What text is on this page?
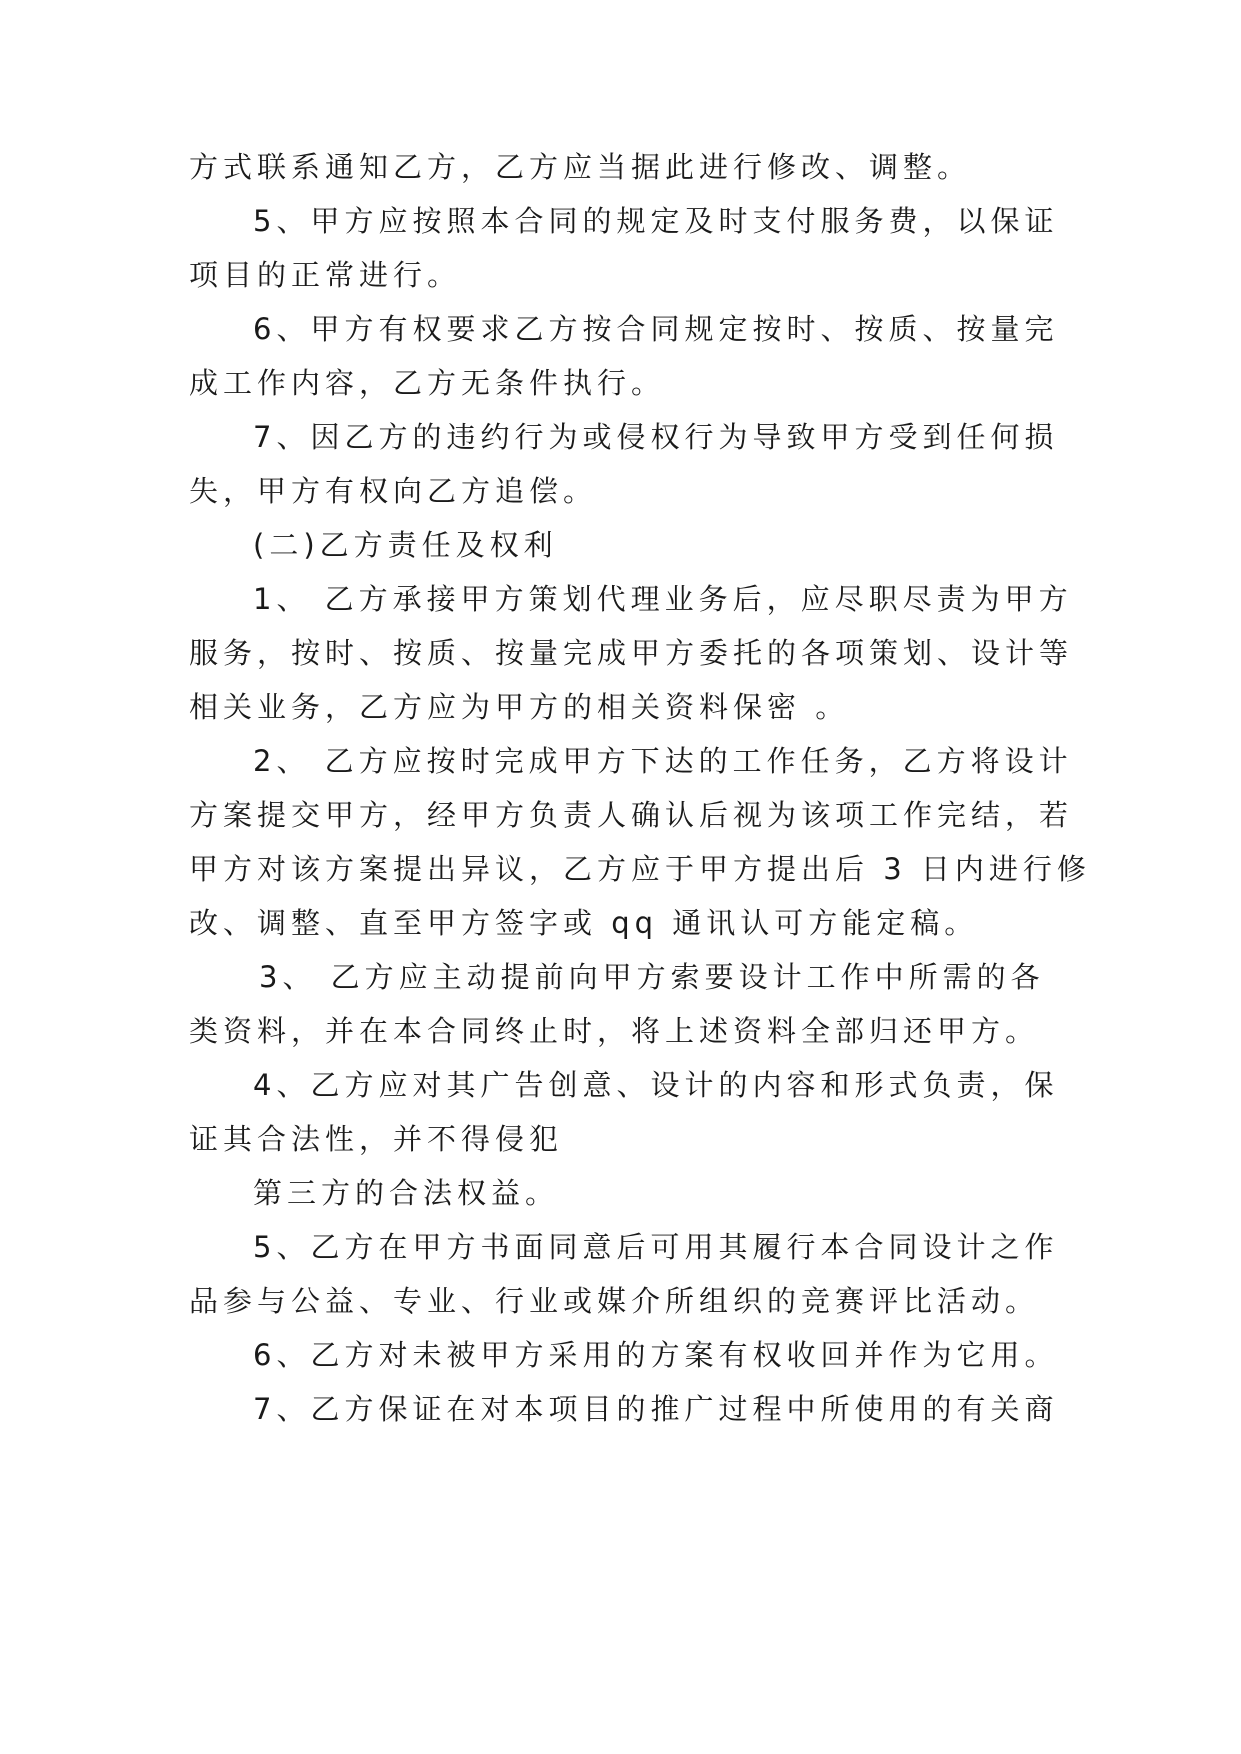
方式联系通知乙方，乙方应当据此进行修改、调整。
5、甲方应按照本合同的规定及时支付服务费，以保证
项目的正常进行。
6、甲方有权要求乙方按合同规定按时、按质、按量完
成工作内容，乙方无条件执行。
7、因乙方的违约行为或侵权行为导致甲方受到任何损
失，甲方有权向乙方追偿。
(二)乙方责任及权利
1、 乙方承接甲方策划代理业务后，应尽职尽责为甲方
服务，按时、按质、按量完成甲方委托的各项策划、设计等
相关业务，乙方应为甲方的相关资料保密 。
2、 乙方应按时完成甲方下达的工作任务，乙方将设计
方案提交甲方，经甲方负责人确认后视为该项工作完结，若
甲方对该方案提出异议，乙方应于甲方提出后 3 日内进行修
改、调整、直至甲方签字或 qq 通讯认可方能定稿。
3、 乙方应主动提前向甲方索要设计工作中所需的各
类资料，并在本合同终止时，将上述资料全部归还甲方。
4、乙方应对其广告创意、设计的内容和形式负责，保
证其合法性，并不得侵犯
第三方的合法权益。
5、乙方在甲方书面同意后可用其履行本合同设计之作
品参与公益、专业、行业或媒介所组织的竞赛评比活动。
6、乙方对未被甲方采用的方案有权收回并作为它用。
7、乙方保证在对本项目的推广过程中所使用的有关商
